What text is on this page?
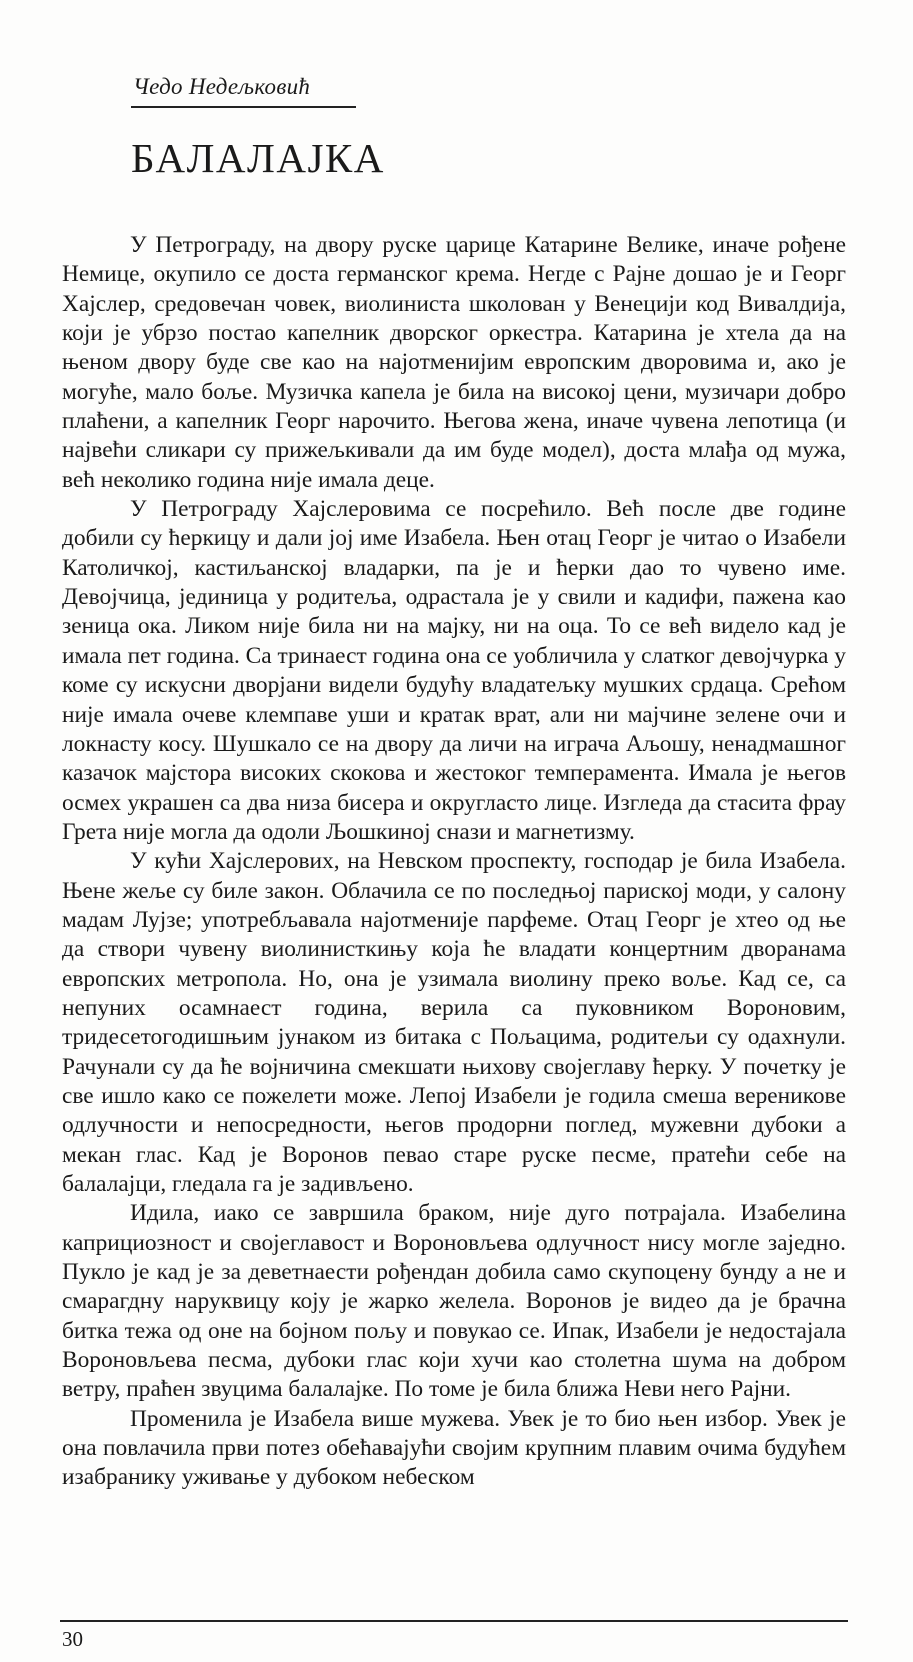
Чедо Недељковић
БАЛАЛАЈКА

У Петрограду, на двору руске царице Катарине Велике, иначе рођене Немице, окупило се доста германског крема. Негде с Рајне дошао је и Георг Хајслер, средовечан човек, виолиниста школован у Венецији код Вивалдија, који је убрзо постао капелник дворског оркестра. Катарина је хтела да на њеном двору буде све као на најотменијим европским дворовима и, ако је могуће, мало боље. Музичка капела је била на високој цени, музичари добро плаћени, а капелник Георг нарочито. Његова жена, иначе чувена лепотица (и највећи сликари су прижељкивали да им буде модел), доста млађа од мужа, већ неколико година није имала деце.

У Петрограду Хајслеровима се посрећило. Већ после две године добили су ћеркицу и дали јој име Изабела. Њен отац Георг је читао о Изабели Католичкој, кастиљанској владарки, па је и ћерки дао то чувено име. Девојчица, јединица у родитеља, одрастала је у свили и кадифи, пажена као зеница ока. Ликом није била ни на мајку, ни на оца. То се већ видело кад је имала пет година. Са тринаест година она се уобличила у слатког девојчурка у коме су искусни дворјани видели будућу владатељку мушких срдаца. Срећом није имала очеве клемпаве уши и кратак врат, али ни мајчине зелене очи и локнасту косу. Шушкало се на двору да личи на играча Аљошу, ненадмашног казачок мајстора високих скокова и жестоког темперамента. Имала је његов осмех украшен са два низа бисера и округласто лице. Изгледа да стасита фрау Грета није могла да одоли Љошкиној снази и магнетизму.

У кући Хајслерових, на Невском проспекту, господар је била Изабела. Њене жеље су биле закон. Облачила се по последњој париској моди, у салону мадам Лујзе; употребљавала најотменије парфеме. Отац Георг је хтео од ње да створи чувену виолинисткињу која ће владати концертним дворанама европских метропола. Но, она је узимала виолину преко воље. Кад се, са непуних осамнаест година, верила са пуковником Вороновим, тридесетогодишњим јунаком из битака с Пољацима, родитељи су одахнули. Рачунали су да ће војничина смекшати њихову својеглаву ћерку. У почетку је све ишло како се пожелети може. Лепој Изабели је годила смеша верениковe одлучности и непосредности, његов продорни поглед, мужевни дубоки а мекан глас. Кад је Воронов певао старе руске песме, пратећи себе на балалајци, гледала га је задивљено.

Идила, иако се завршила браком, није дуго потрајала. Изабелина каприциозност и својеглавост и Вороновљева одлучност нису могле заједно. Пукло је кад је за деветнаести рођендан добила само скупоцену бунду а не и смарагдну наруквицу коју је жарко желела. Воронов је видео да је брачна битка тежа од оне на бојном пољу и повукао се. Ипак, Изабели је недостајала Вороновљева песма, дубоки глас који хучи као столетна шума на добром ветру, праћен звуцима балалајке. По томе је била ближа Неви него Рајни.

Променила је Изабела више мужева. Увек је то био њен избор. Увек је она повлачила први потез обећавајући својим крупним плавим очима будућем изабранику уживање у дубоком небеском

30
